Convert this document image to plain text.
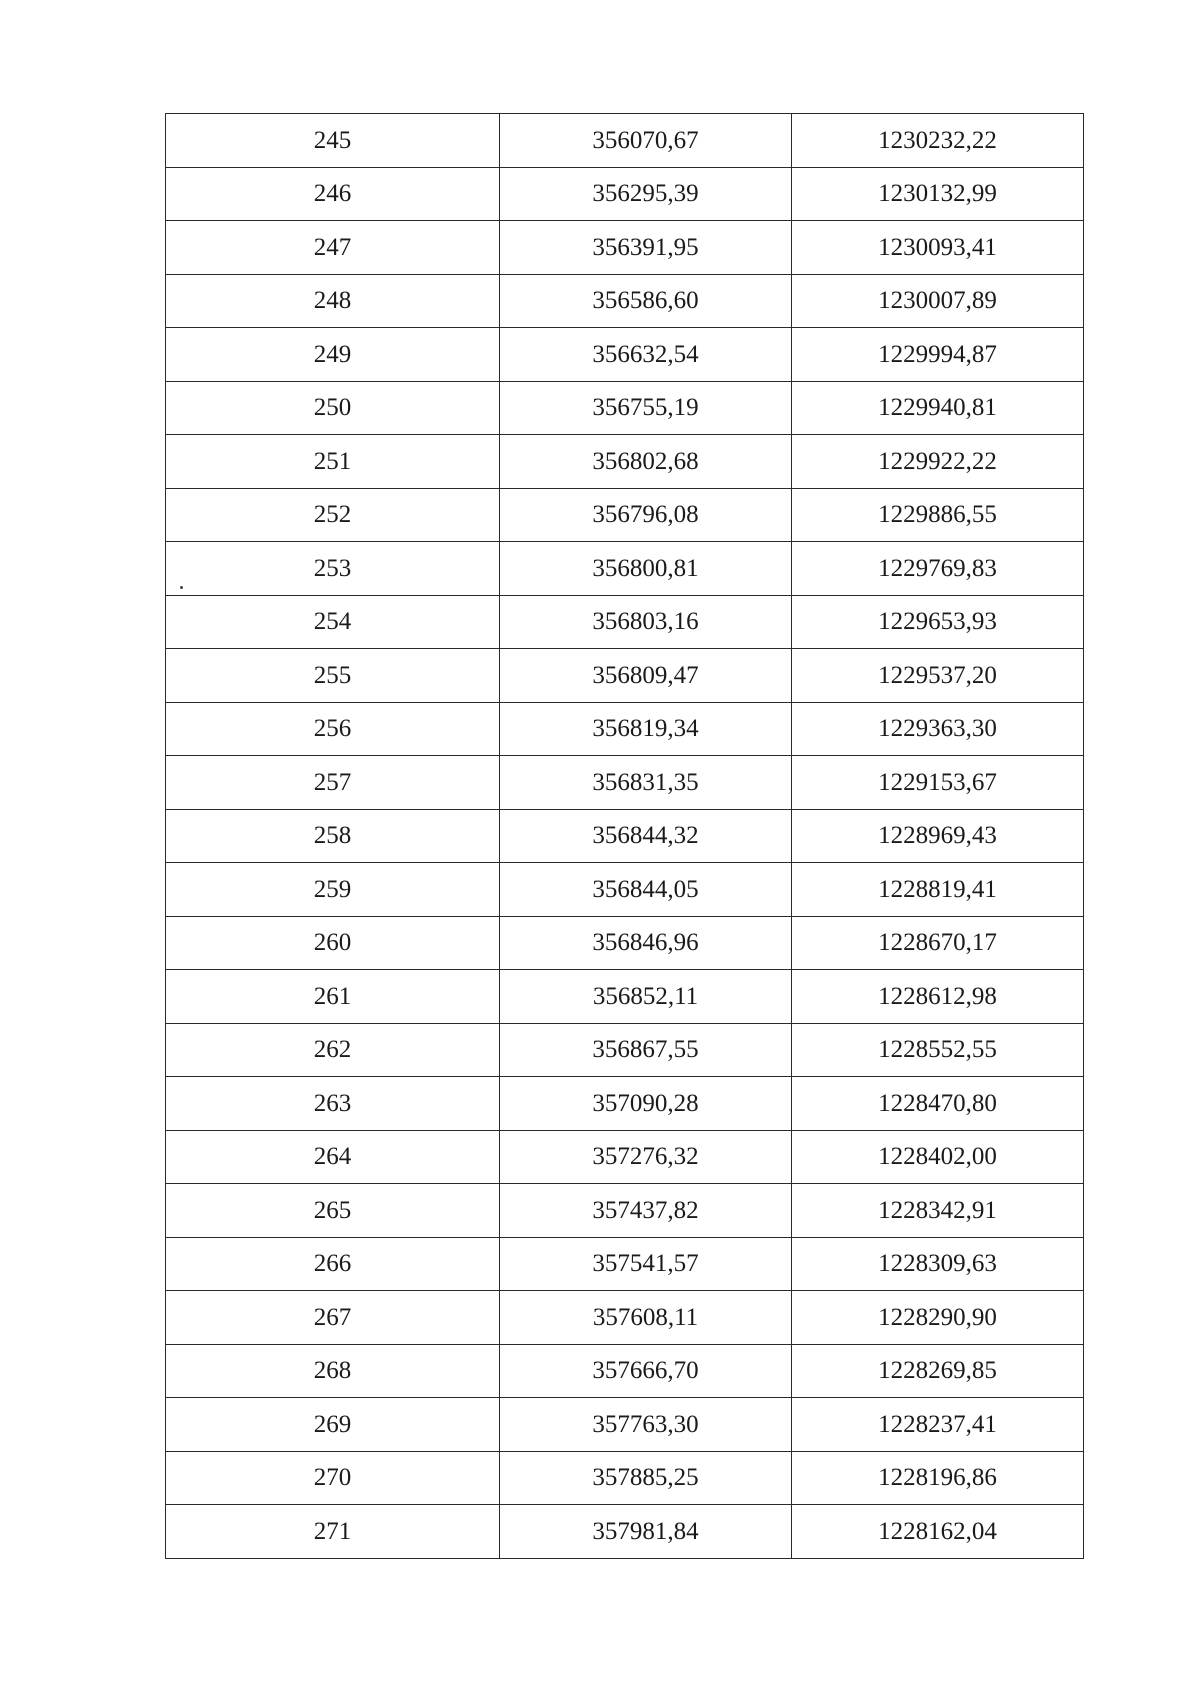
245	356070,67	1230232,22
246	356295,39	1230132,99
247	356391,95	1230093,41
248	356586,60	1230007,89
249	356632,54	1229994,87
250	356755,19	1229940,81
251	356802,68	1229922,22
252	356796,08	1229886,55
253	356800,81	1229769,83
254	356803,16	1229653,93
255	356809,47	1229537,20
256	356819,34	1229363,30
257	356831,35	1229153,67
258	356844,32	1228969,43
259	356844,05	1228819,41
260	356846,96	1228670,17
261	356852,11	1228612,98
262	356867,55	1228552,55
263	357090,28	1228470,80
264	357276,32	1228402,00
265	357437,82	1228342,91
266	357541,57	1228309,63
267	357608,11	1228290,90
268	357666,70	1228269,85
269	357763,30	1228237,41
270	357885,25	1228196,86
271	357981,84	1228162,04
